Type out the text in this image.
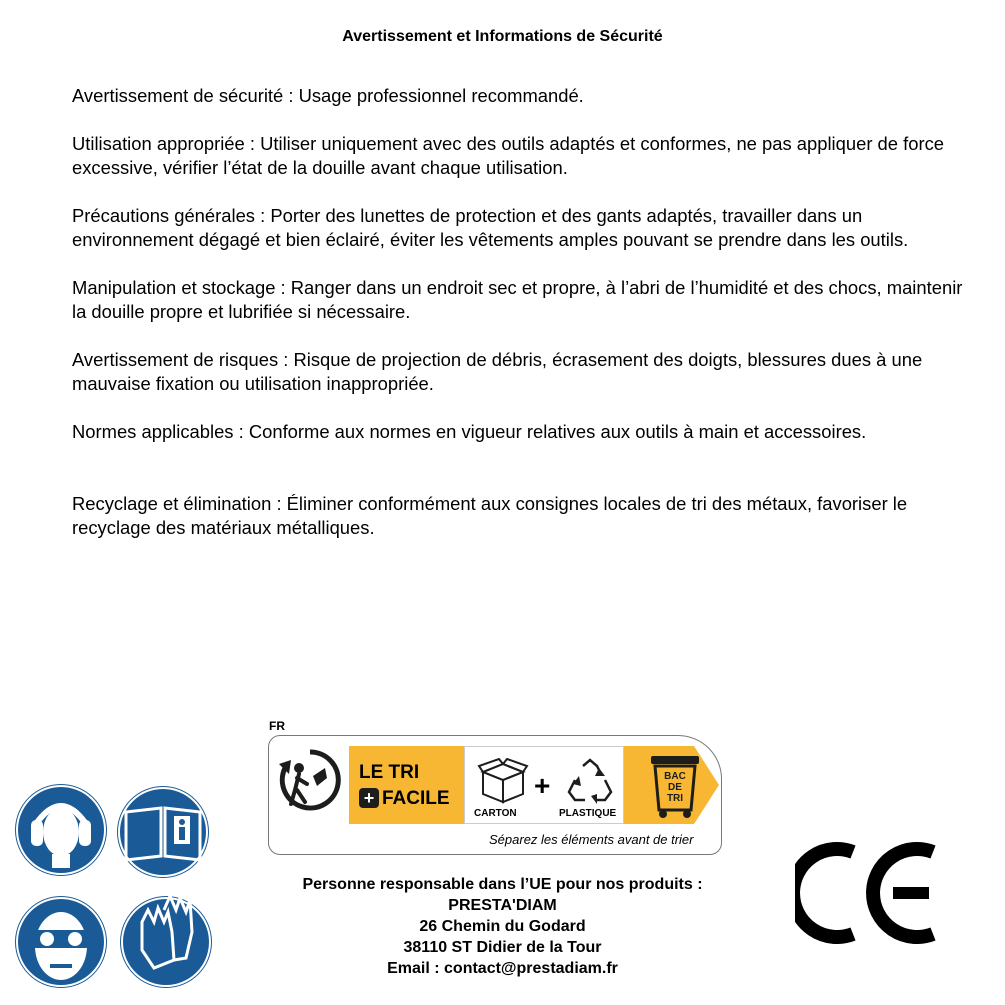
Avertissement et Informations de Sécurité

Avertissement de sécurité : Usage professionnel recommandé.

Utilisation appropriée : Utiliser uniquement avec des outils adaptés et conformes, ne pas appliquer de force excessive, vérifier l’état de la douille avant chaque utilisation.

Précautions générales : Porter des lunettes de protection et des gants adaptés, travailler dans un environnement dégagé et bien éclairé, éviter les vêtements amples pouvant se prendre dans les outils.

Manipulation et stockage : Ranger dans un endroit sec et propre, à l’abri de l’humidité et des chocs, maintenir la douille propre et lubrifiée si nécessaire.

Avertissement de risques : Risque de projection de débris, écrasement des doigts, blessures dues à une mauvaise fixation ou utilisation inappropriée.

Normes applicables : Conforme aux normes en vigueur relatives aux outils à main et accessoires.

Recyclage et élimination : Éliminer conformément aux consignes locales de tri des métaux, favoriser le recyclage des matériaux métalliques.

FR
LE TRI
+ FACILE	+
CARTON	PLASTIQUE
BAC
DE
TRI
Séparez les éléments avant de trier
Personne responsable dans l’UE pour nos produits :
PRESTA'DIAM
26 Chemin du Godard
38110 ST Didier de la Tour
Email : contact@prestadiam.fr
